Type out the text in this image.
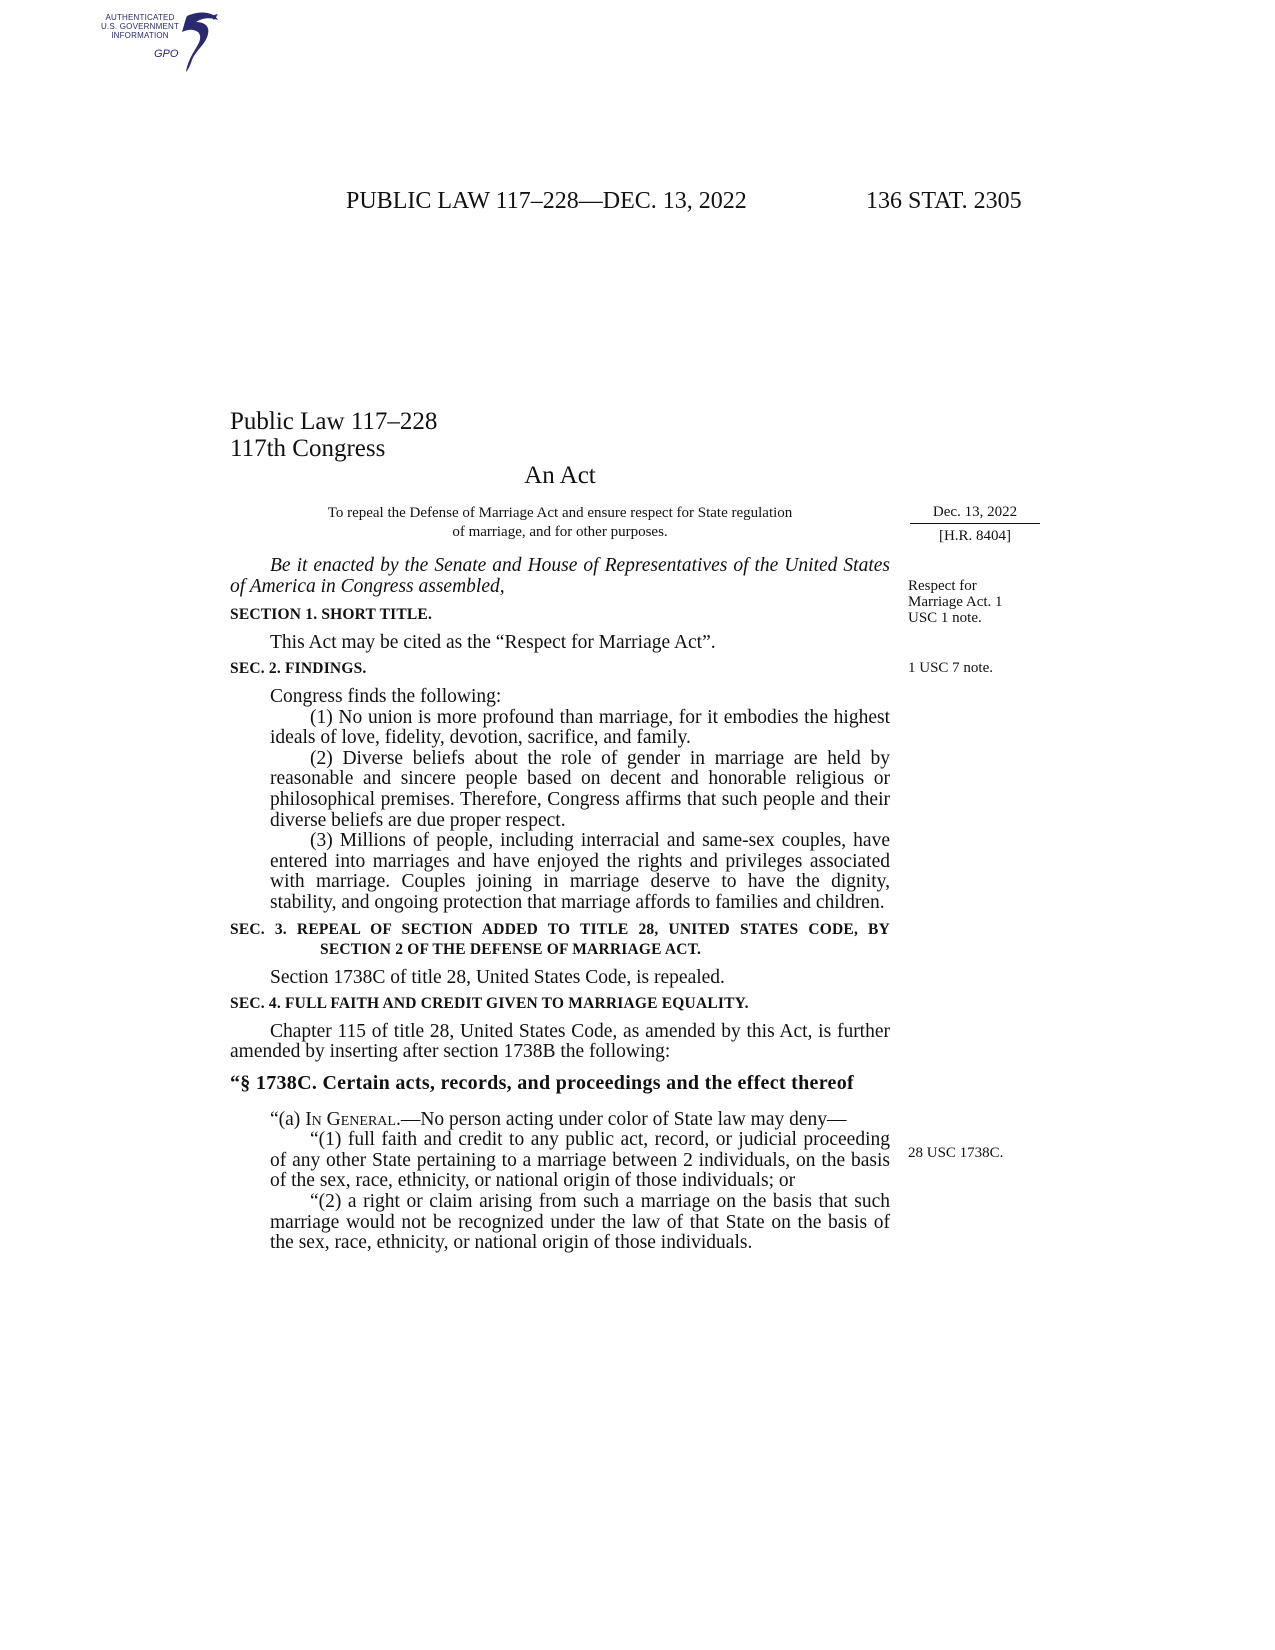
AUTHENTICATED
U.S. GOVERNMENT
INFORMATION
GPO
PUBLIC LAW 117–228—DEC. 13, 2022	136 STAT. 2305
Public Law 117–228
117th Congress
An Act
To repeal the Defense of Marriage Act and ensure respect for State regulation
of marriage, and for other purposes.
Dec. 13, 2022
[H.R. 8404]
Respect for Marriage Act. 1 USC 1 note.
1 USC 7 note.
28 USC 1738C.

Be it enacted by the Senate and House of Representatives of the United States of America in Congress assembled,

SECTION 1. SHORT TITLE.

This Act may be cited as the “Respect for Marriage Act”.

SEC. 2. FINDINGS.

Congress finds the following:

(1) No union is more profound than marriage, for it embodies the highest ideals of love, fidelity, devotion, sacrifice, and family.

(2) Diverse beliefs about the role of gender in marriage are held by reasonable and sincere people based on decent and honorable religious or philosophical premises. Therefore, Congress affirms that such people and their diverse beliefs are due proper respect.

(3) Millions of people, including interracial and same-sex couples, have entered into marriages and have enjoyed the rights and privileges associated with marriage. Couples joining in marriage deserve to have the dignity, stability, and ongoing protection that marriage affords to families and children.

SEC. 3. REPEAL OF SECTION ADDED TO TITLE 28, UNITED STATES CODE, BY SECTION 2 OF THE DEFENSE OF MARRIAGE ACT.

Section 1738C of title 28, United States Code, is repealed.

SEC. 4. FULL FAITH AND CREDIT GIVEN TO MARRIAGE EQUALITY.

Chapter 115 of title 28, United States Code, as amended by this Act, is further amended by inserting after section 1738B the following:

“§ 1738C. Certain acts, records, and proceedings and the effect thereof

“(a) In General.—No person acting under color of State law may deny—

“(1) full faith and credit to any public act, record, or judicial proceeding of any other State pertaining to a marriage between 2 individuals, on the basis of the sex, race, ethnicity, or national origin of those individuals; or

“(2) a right or claim arising from such a marriage on the basis that such marriage would not be recognized under the law of that State on the basis of the sex, race, ethnicity, or national origin of those individuals.
